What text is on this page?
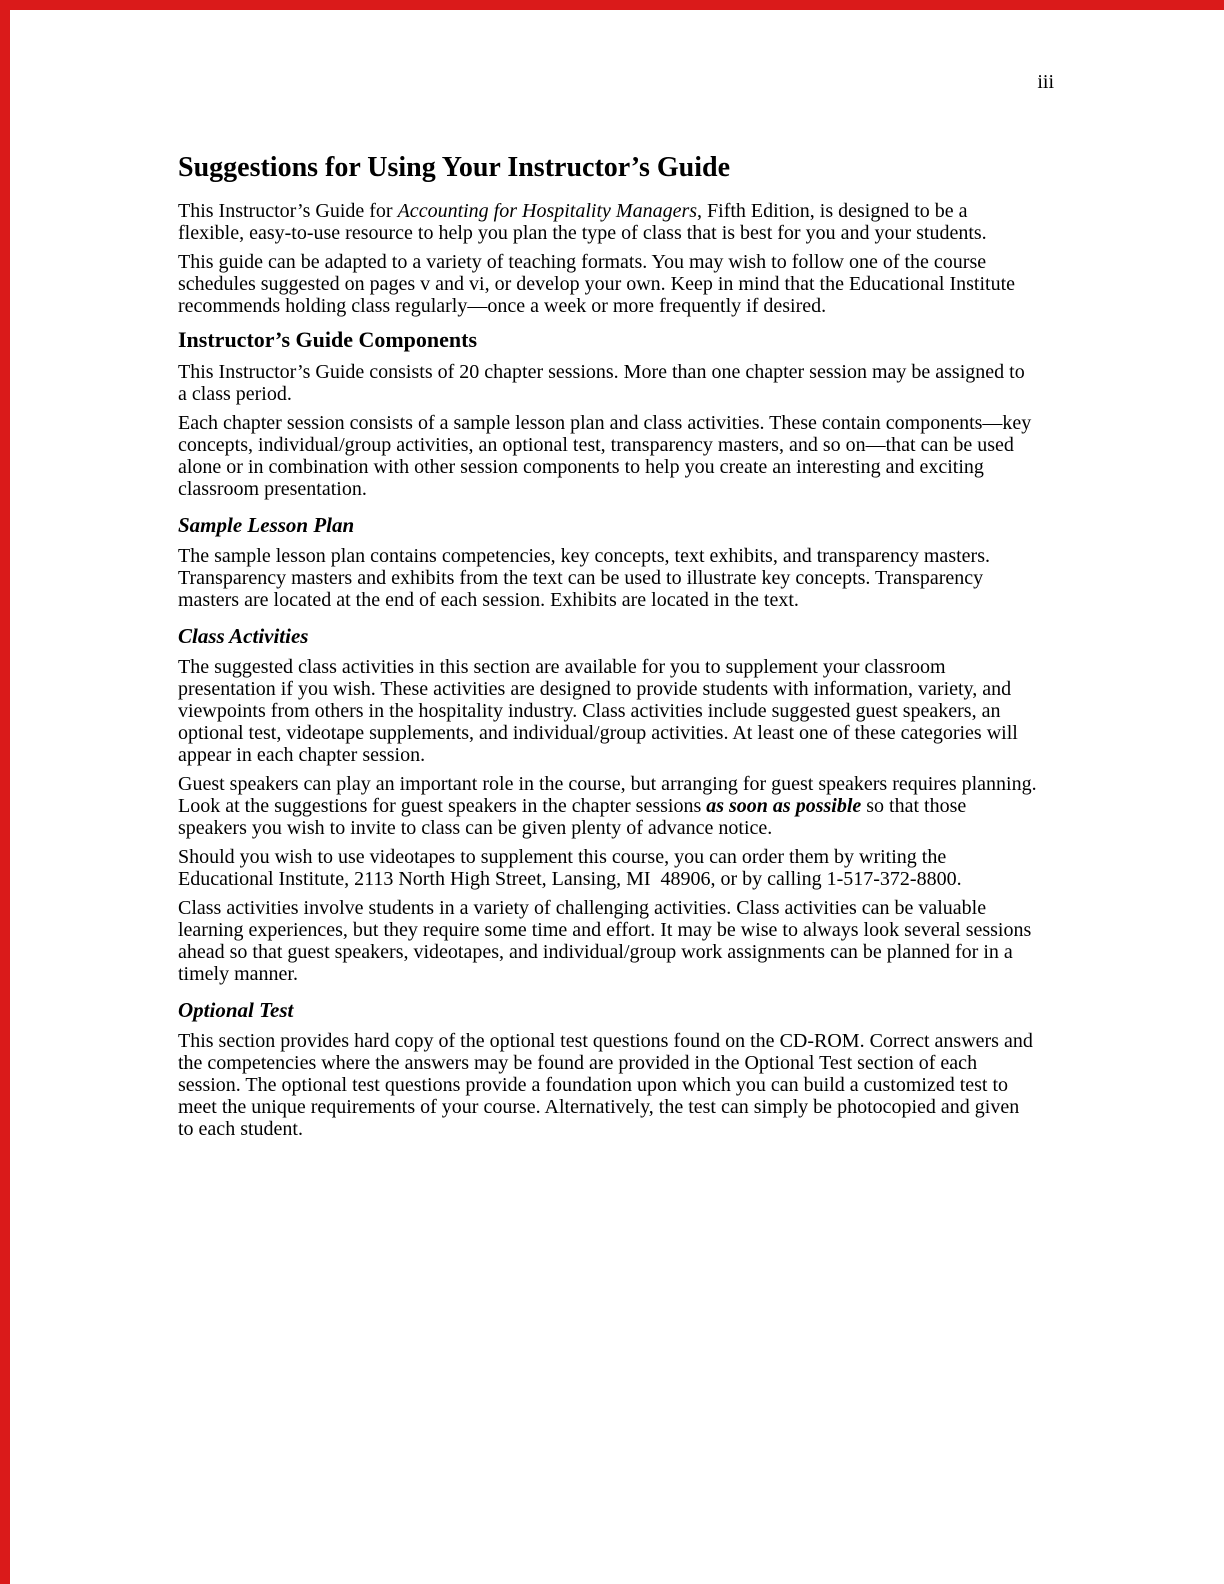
iii
Suggestions for Using Your Instructor’s Guide
This Instructor’s Guide for Accounting for Hospitality Managers, Fifth Edition, is designed to be a
flexible, easy-to-use resource to help you plan the type of class that is best for you and your students.
This guide can be adapted to a variety of teaching formats. You may wish to follow one of the course
schedules suggested on pages v and vi, or develop your own. Keep in mind that the Educational Institute
recommends holding class regularly—once a week or more frequently if desired.
Instructor’s Guide Components
This Instructor’s Guide consists of 20 chapter sessions. More than one chapter session may be assigned to
a class period.
Each chapter session consists of a sample lesson plan and class activities. These contain components—key
concepts, individual/group activities, an optional test, transparency masters, and so on—that can be used
alone or in combination with other session components to help you create an interesting and exciting
classroom presentation.
Sample Lesson Plan
The sample lesson plan contains competencies, key concepts, text exhibits, and transparency masters.
Transparency masters and exhibits from the text can be used to illustrate key concepts. Transparency
masters are located at the end of each session. Exhibits are located in the text.
Class Activities
The suggested class activities in this section are available for you to supplement your classroom
presentation if you wish. These activities are designed to provide students with information, variety, and
viewpoints from others in the hospitality industry. Class activities include suggested guest speakers, an
optional test, videotape supplements, and individual/group activities. At least one of these categories will
appear in each chapter session.
Guest speakers can play an important role in the course, but arranging for guest speakers requires planning.
Look at the suggestions for guest speakers in the chapter sessions as soon as possible so that those
speakers you wish to invite to class can be given plenty of advance notice.
Should you wish to use videotapes to supplement this course, you can order them by writing the
Educational Institute, 2113 North High Street, Lansing, MI  48906, or by calling 1-517-372-8800.
Class activities involve students in a variety of challenging activities. Class activities can be valuable
learning experiences, but they require some time and effort. It may be wise to always look several sessions
ahead so that guest speakers, videotapes, and individual/group work assignments can be planned for in a
timely manner.
Optional Test
This section provides hard copy of the optional test questions found on the CD-ROM. Correct answers and
the competencies where the answers may be found are provided in the Optional Test section of each
session. The optional test questions provide a foundation upon which you can build a customized test to
meet the unique requirements of your course. Alternatively, the test can simply be photocopied and given
to each student.
